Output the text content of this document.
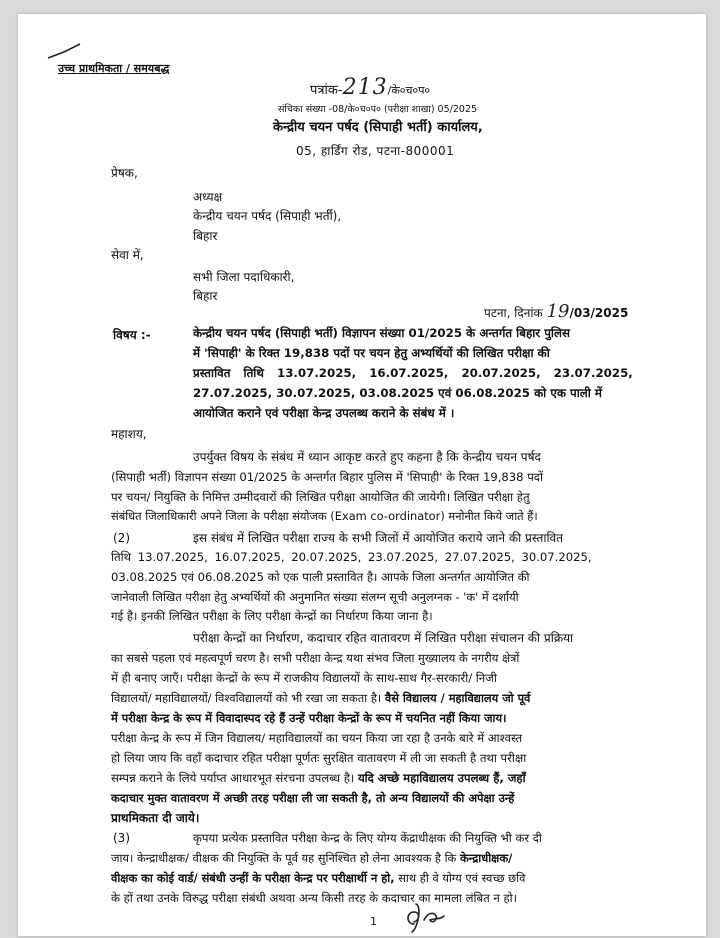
उच्च प्राथमिकता / समयबद्ध
पत्रांक-213/के०च०प०
संचिका संख्या -08/के०च०प० (परीक्षा शाखा) 05/2025
केन्द्रीय चयन पर्षद (सिपाही भर्ती) कार्यालय,
05, हार्डिंग रोड, पटना-800001
प्रेषक,
अध्यक्ष
केन्द्रीय चयन पर्षद (सिपाही भर्ती),
बिहार
सेवा में,
सभी जिला पदाधिकारी,
बिहार
पटना, दिनांक 19/03/2025
विषय :-	केन्द्रीय चयन पर्षद (सिपाही भर्ती) विज्ञापन संख्या 01/2025 के अन्तर्गत बिहार पुलिस
में 'सिपाही' के रिक्त 19,838 पदों पर चयन हेतु अभ्यर्थियों की लिखित परीक्षा की
प्रस्तावित तिथि 13.07.2025, 16.07.2025, 20.07.2025, 23.07.2025,
27.07.2025, 30.07.2025, 03.08.2025 एवं 06.08.2025 को एक पाली में
आयोजित कराने एवं परीक्षा केन्द्र उपलब्ध कराने के संबंध में ।
महाशय,
उपर्युक्त विषय के संबंध में ध्यान आकृष्ट करते हुए कहना है कि केन्द्रीय चयन पर्षद
(सिपाही भर्ती) विज्ञापन संख्या 01/2025 के अन्तर्गत बिहार पुलिस में 'सिपाही' के रिक्त 19,838 पदों
पर चयन/ नियुक्ति के निमित्त उम्मीदवारों की लिखित परीक्षा आयोजित की जायेगी। लिखित परीक्षा हेतु
संबंधित जिलाधिकारी अपने जिला के परीक्षा संयोजक (Exam co-ordinator) मनोनीत किये जाते हैं।
(2)	इस संबंध में लिखित परीक्षा राज्य के सभी जिलों में आयोजित कराये जाने की प्रस्तावित
तिथि 13.07.2025, 16.07.2025, 20.07.2025, 23.07.2025, 27.07.2025, 30.07.2025,
03.08.2025 एवं 06.08.2025 को एक पाली प्रस्तावित है। आपके जिला अन्तर्गत आयोजित की
जानेवाली लिखित परीक्षा हेतु अभ्यर्थियों की अनुमानित संख्या संलग्न सूची अनुलग्नक - 'क' में दर्शायी
गई है। इनकी लिखित परीक्षा के लिए परीक्षा केन्द्रों का निर्धारण किया जाना है।
परीक्षा केन्द्रों का निर्धारण, कदाचार रहित वातावरण में लिखित परीक्षा संचालन की प्रक्रिया
का सबसे पहला एवं महत्वपूर्ण चरण है। सभी परीक्षा केन्द्र यथा संभव जिला मुख्यालय के नगरीय क्षेत्रों
में ही बनाए जाएँ। परीक्षा केन्द्रों के रूप में राजकीय विद्यालयों के साथ-साथ गैर-सरकारी/ निजी
विद्यालयों/ महाविद्यालयों/ विश्वविद्यालयों को भी रखा जा सकता है। वैसे विद्यालय / महाविद्यालय जो पूर्व
में परीक्षा केन्द्र के रूप में विवादास्पद रहे हैं उन्हें परीक्षा केन्द्रों के रूप में चयनित नहीं किया जाय।
परीक्षा केन्द्र के रूप में जिन विद्यालय/ महाविद्यालयों का चयन किया जा रहा है उनके बारे में आश्वस्त
हो लिया जाय कि वहाँ कदाचार रहित परीक्षा पूर्णतः सुरक्षित वातावरण में ली जा सकती है तथा परीक्षा
सम्पन्न कराने के लिये पर्याप्त आधारभूत संरचना उपलब्ध है। यदि अच्छे महाविद्यालय उपलब्ध हैं, जहाँ
कदाचार मुक्त वातावरण में अच्छी तरह परीक्षा ली जा सकती है, तो अन्य विद्यालयों की अपेक्षा उन्हें
प्राथमिकता दी जाये।
(3)	कृपया प्रत्येक प्रस्तावित परीक्षा केन्द्र के लिए योग्य केंद्राधीक्षक की नियुक्ति भी कर दी
जाय। केन्द्राधीक्षक/ वीक्षक की नियुक्ति के पूर्व यह सुनिश्चित हो लेना आवश्यक है कि केन्द्राधीक्षक/
वीक्षक का कोई वार्ड/ संबंधी उन्हीं के परीक्षा केन्द्र पर परीक्षार्थी न हो, साथ ही वे योग्य एवं स्वच्छ छवि
के हों तथा उनके विरुद्ध परीक्षा संबंधी अथवा अन्य किसी तरह के कदाचार का मामला लंबित न हो।
1
